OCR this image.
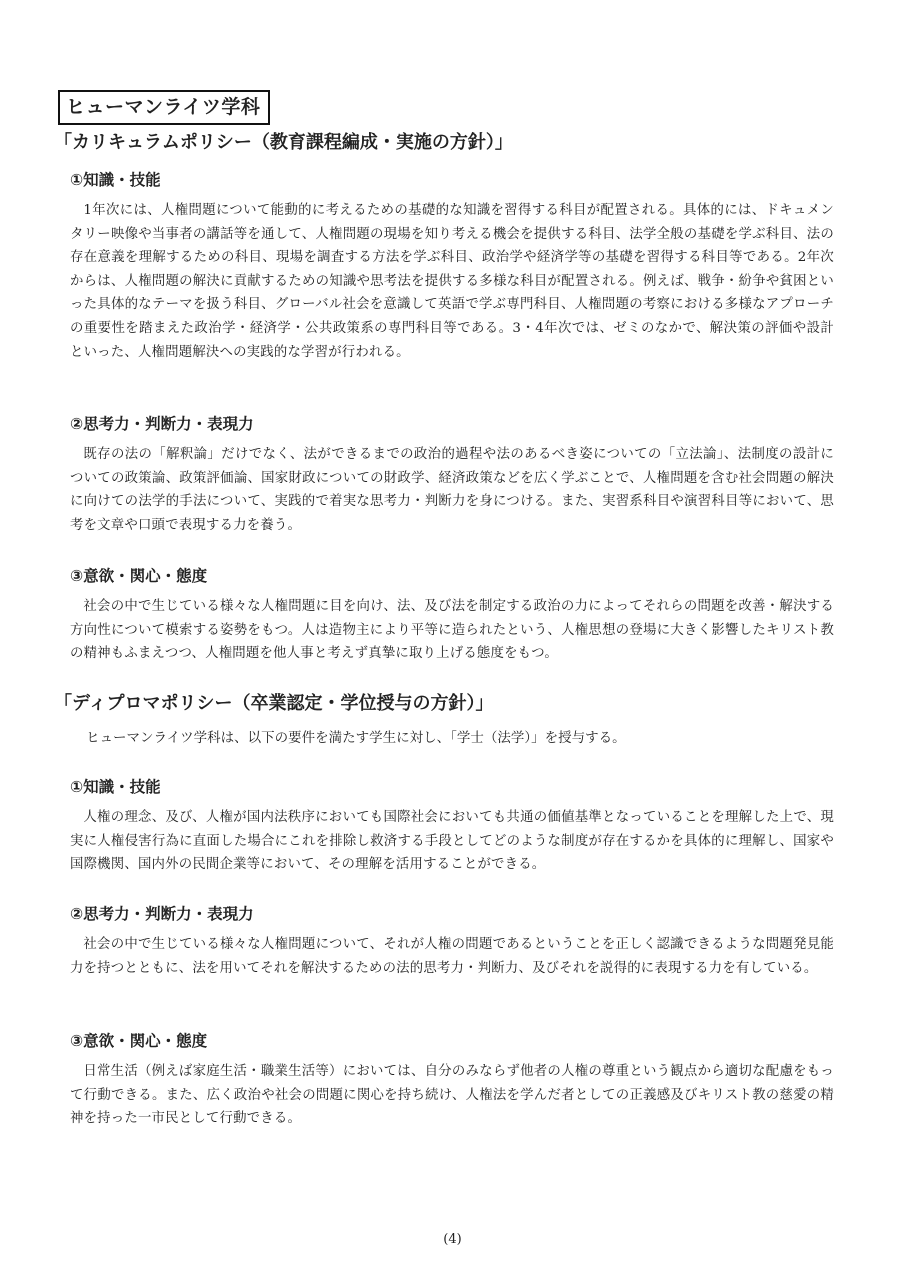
ヒューマンライツ学科
「カリキュラムポリシー（教育課程編成・実施の方針）」
①知識・技能

1年次には、人権問題について能動的に考えるための基礎的な知識を習得する科目が配置される。具体的には、ドキュメンタリー映像や当事者の講話等を通して、人権問題の現場を知り考える機会を提供する科目、法学全般の基礎を学ぶ科目、法の存在意義を理解するための科目、現場を調査する方法を学ぶ科目、政治学や経済学等の基礎を習得する科目等である。2年次からは、人権問題の解決に貢献するための知識や思考法を提供する多様な科目が配置される。例えば、戦争・紛争や貧困といった具体的なテーマを扱う科目、グローバル社会を意識して英語で学ぶ専門科目、人権問題の考察における多様なアプローチの重要性を踏まえた政治学・経済学・公共政策系の専門科目等である。3・4年次では、ゼミのなかで、解決策の評価や設計といった、人権問題解決への実践的な学習が行われる。

②思考力・判断力・表現力

既存の法の「解釈論」だけでなく、法ができるまでの政治的過程や法のあるべき姿についての「立法論」、法制度の設計についての政策論、政策評価論、国家財政についての財政学、経済政策などを広く学ぶことで、人権問題を含む社会問題の解決に向けての法学的手法について、実践的で着実な思考力・判断力を身につける。また、実習系科目や演習科目等において、思考を文章や口頭で表現する力を養う。

③意欲・関心・態度

社会の中で生じている様々な人権問題に目を向け、法、及び法を制定する政治の力によってそれらの問題を改善・解決する方向性について模索する姿勢をもつ。人は造物主により平等に造られたという、人権思想の登場に大きく影響したキリスト教の精神もふまえつつ、人権問題を他人事と考えず真摯に取り上げる態度をもつ。

「ディプロマポリシー（卒業認定・学位授与の方針）」
ヒューマンライツ学科は、以下の要件を満たす学生に対し、「学士（法学）」を授与する。
①知識・技能

人権の理念、及び、人権が国内法秩序においても国際社会においても共通の価値基準となっていることを理解した上で、現実に人権侵害行為に直面した場合にこれを排除し救済する手段としてどのような制度が存在するかを具体的に理解し、国家や国際機関、国内外の民間企業等において、その理解を活用することができる。

②思考力・判断力・表現力

社会の中で生じている様々な人権問題について、それが人権の問題であるということを正しく認識できるような問題発見能力を持つとともに、法を用いてそれを解決するための法的思考力・判断力、及びそれを説得的に表現する力を有している。

③意欲・関心・態度

日常生活（例えば家庭生活・職業生活等）においては、自分のみならず他者の人権の尊重という観点から適切な配慮をもって行動できる。また、広く政治や社会の問題に関心を持ち続け、人権法を学んだ者としての正義感及びキリスト教の慈愛の精神を持った一市民として行動できる。

(4)
